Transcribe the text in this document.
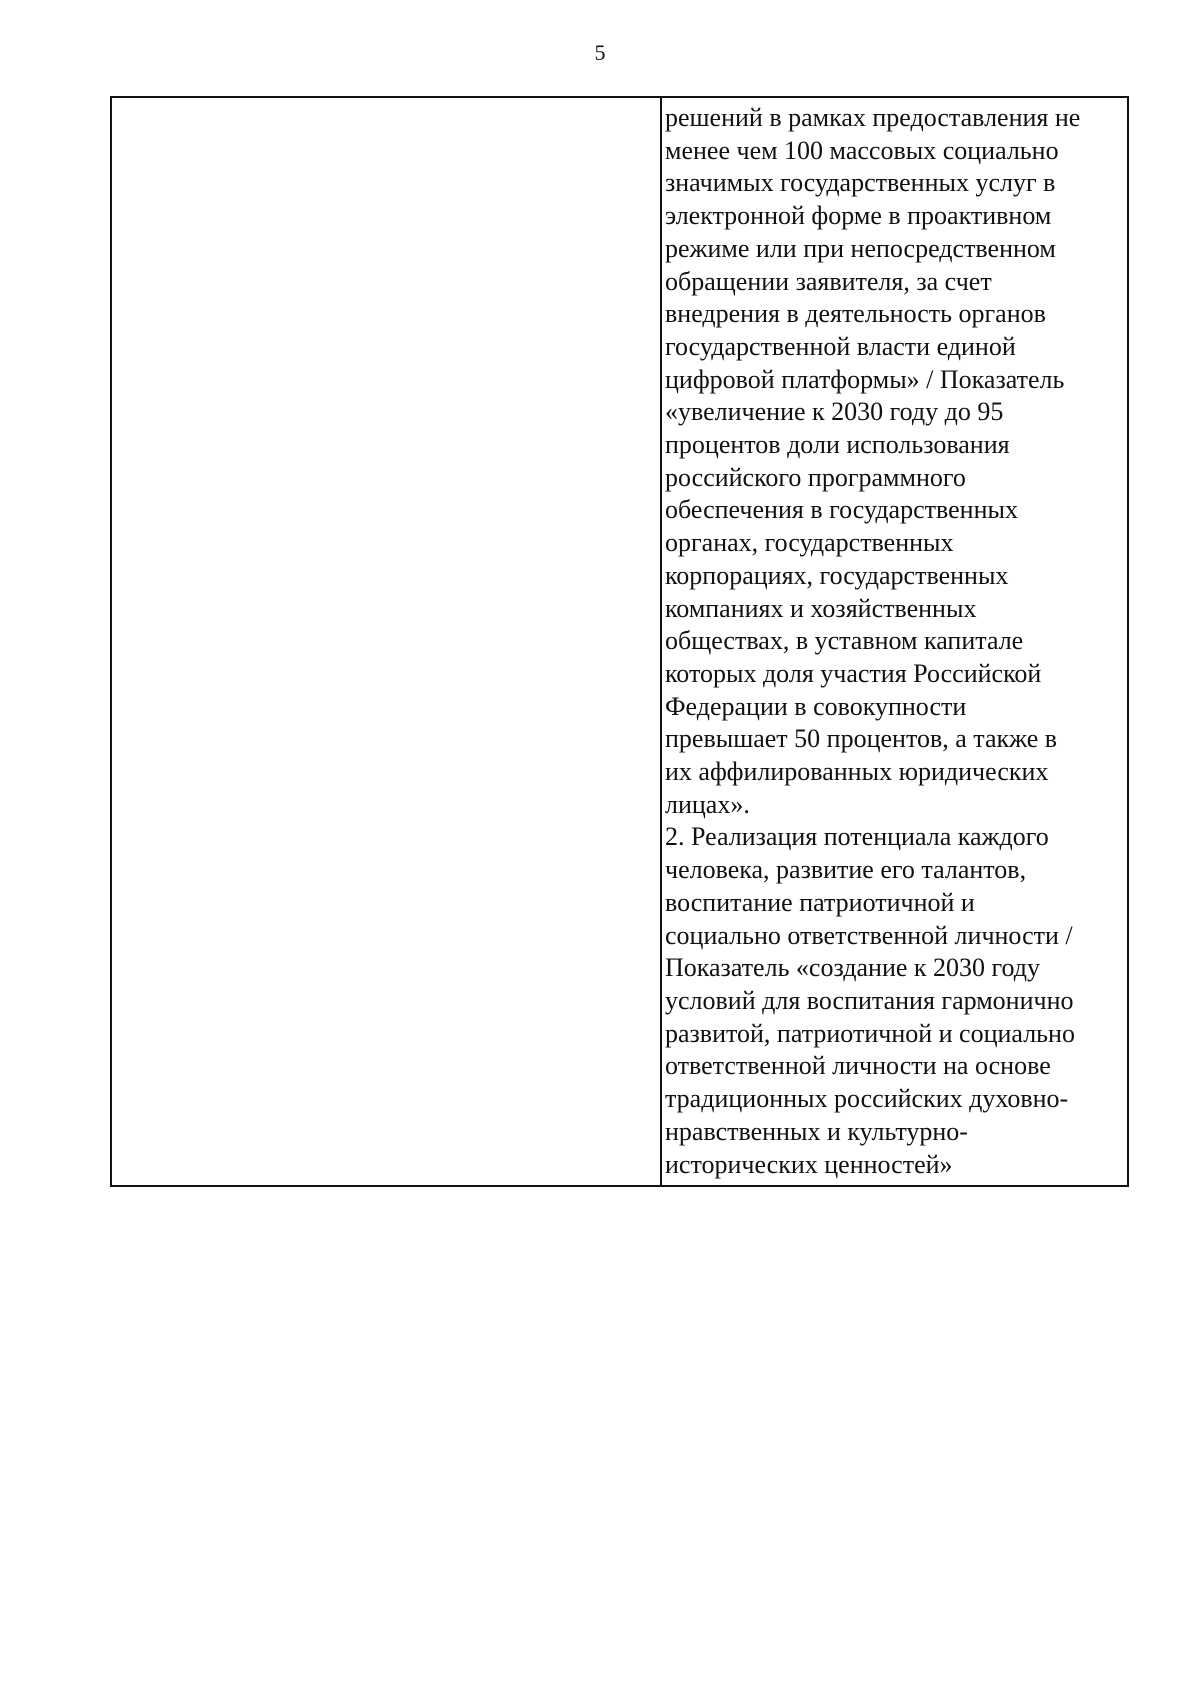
5
решений в рамках предоставления не
менее чем 100 массовых социально
значимых государственных услуг в
электронной форме в проактивном
режиме или при непосредственном
обращении заявителя, за счет
внедрения в деятельность органов
государственной власти единой
цифровой платформы» / Показатель
«увеличение к 2030 году до 95
процентов доли использования
российского программного
обеспечения в государственных
органах, государственных
корпорациях, государственных
компаниях и хозяйственных
обществах, в уставном капитале
которых доля участия Российской
Федерации в совокупности
превышает 50 процентов, а также в
их аффилированных юридических
лицах».
2. Реализация потенциала каждого
человека, развитие его талантов,
воспитание патриотичной и
социально ответственной личности /
Показатель «создание к 2030 году
условий для воспитания гармонично
развитой, патриотичной и социально
ответственной личности на основе
традиционных российских духовно-
нравственных и культурно-
исторических ценностей»
